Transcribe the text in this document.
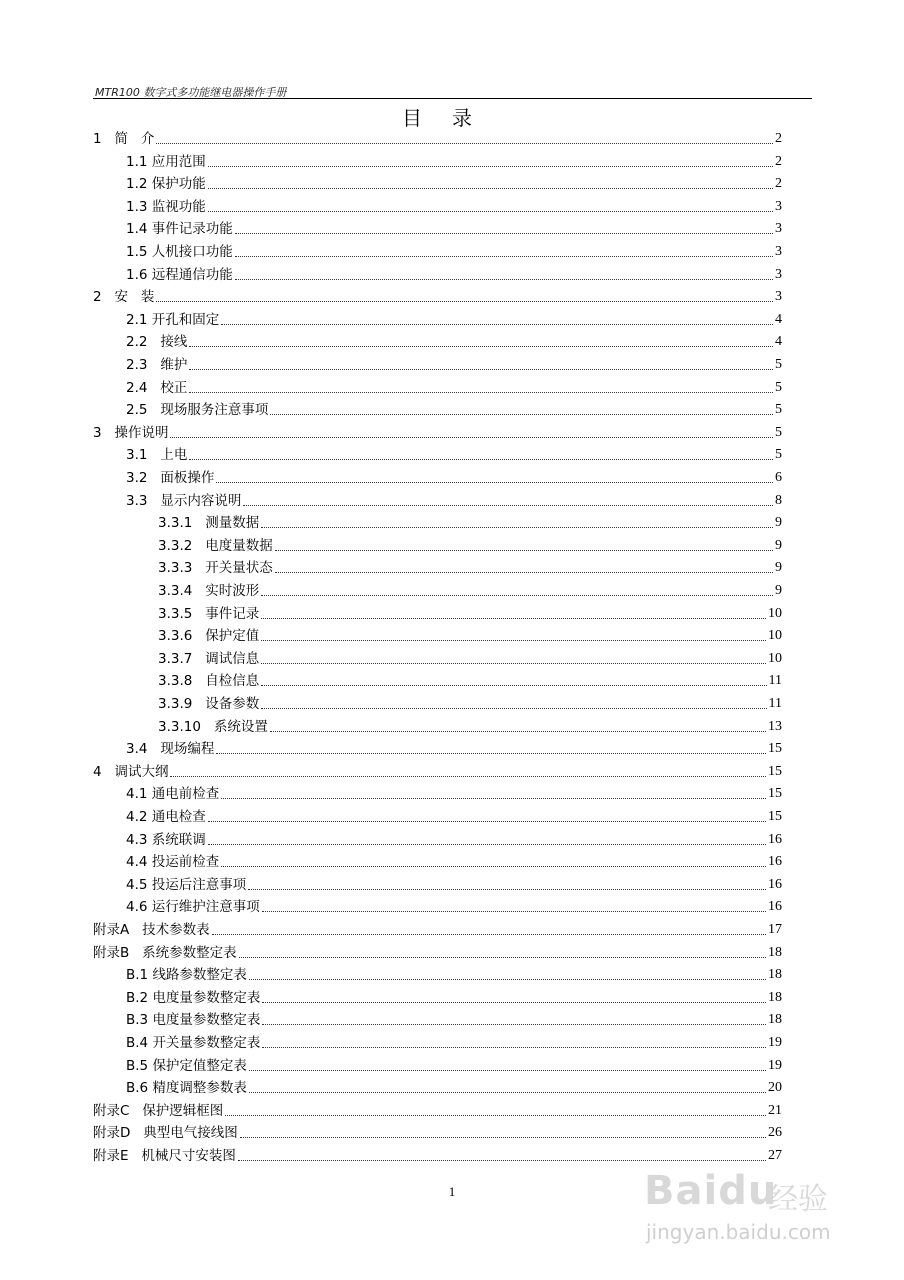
MTR100 数字式多功能继电器操作手册
目录
1 简   介	2
1.1 应用范围	2
1.2 保护功能	2
1.3 监视功能	3
1.4 事件记录功能	3
1.5 人机接口功能	3
1.6 远程通信功能	3
2 安   装	3
2.1 开孔和固定	4
2.2 接线	4
2.3 维护	5
2.4 校正	5
2.5 现场服务注意事项	5
3 操作说明	5
3.1 上电	5
3.2 面板操作	6
3.3 显示内容说明	8
3.3.1 测量数据	9
3.3.2 电度量数据	9
3.3.3 开关量状态	9
3.3.4 实时波形	9
3.3.5 事件记录	10
3.3.6 保护定值	10
3.3.7 调试信息	10
3.3.8 自检信息	11
3.3.9 设备参数	11
3.3.10 系统设置	13
3.4 现场编程	15
4 调试大纲	15
4.1 通电前检查	15
4.2 通电检查	15
4.3 系统联调	16
4.4 投运前检查	16
4.5 投运后注意事项	16
4.6 运行维护注意事项	16
附录A 技术参数表	17
附录B 系统参数整定表	18
B.1 线路参数整定表	18
B.2 电度量参数整定表	18
B.3 电度量参数整定表	18
B.4 开关量参数整定表	19
B.5 保护定值整定表	19
B.6 精度调整参数表	20
附录C 保护逻辑框图	21
附录D 典型电气接线图	26
附录E 机械尺寸安装图	27
1	Baidu
经验
jingyan.baidu.com
